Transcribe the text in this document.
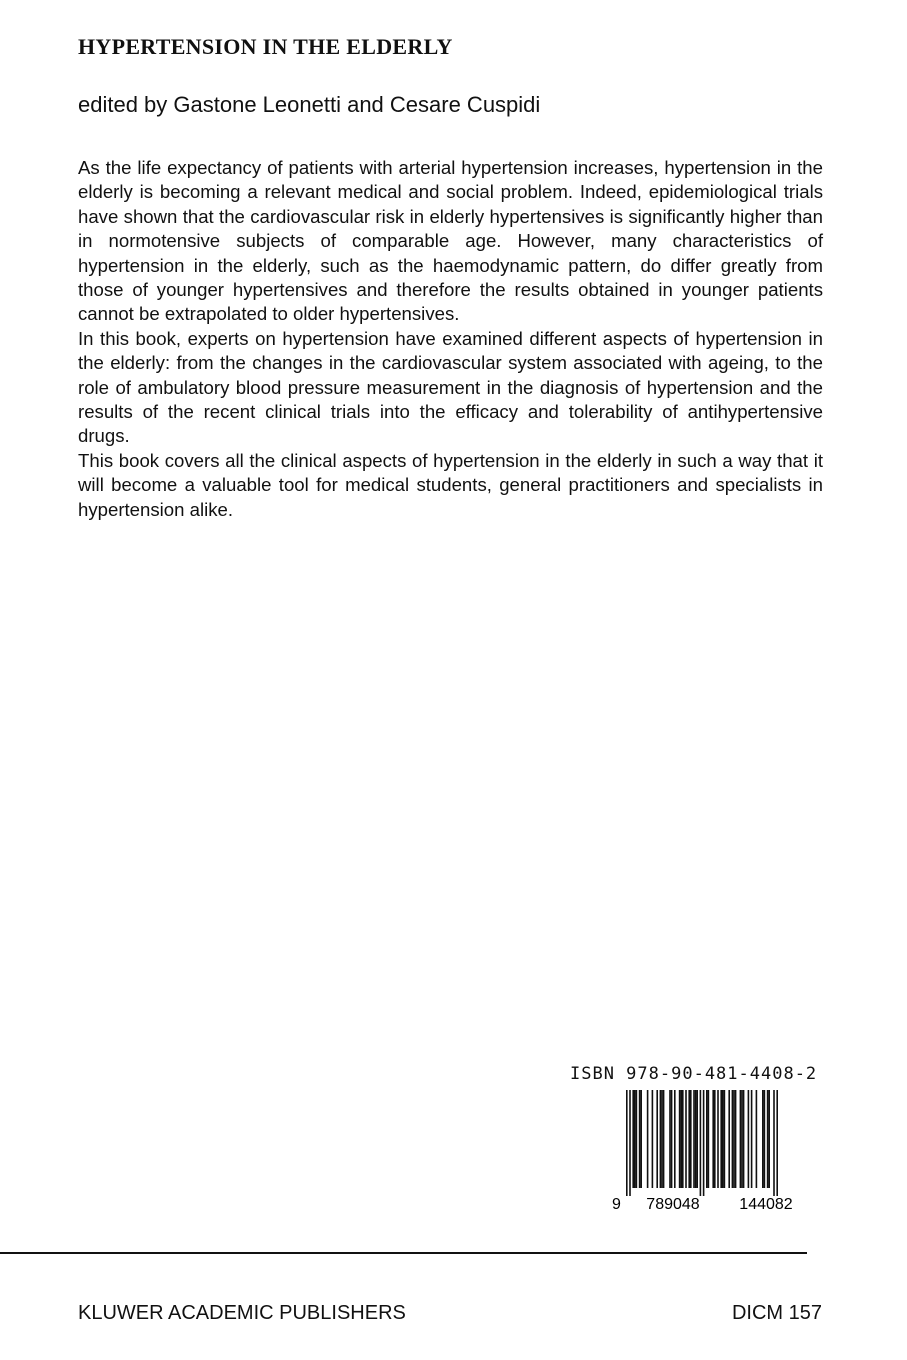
HYPERTENSION IN THE ELDERLY
edited by Gastone Leonetti and Cesare Cuspidi

As the life expectancy of patients with arterial hypertension increases, hypertension in the elderly is becoming a relevant medical and social problem. Indeed, epidemiological trials have shown that the cardiovascular risk in elderly hypertensives is significantly higher than in normotensive subjects of comparable age. However, many characteristics of hypertension in the elderly, such as the haemodynamic pattern, do differ greatly from those of younger hypertensives and therefore the results obtained in younger patients cannot be extrapolated to older hypertensives.

In this book, experts on hypertension have examined different aspects of hypertension in the elderly: from the changes in the cardiovascular system associated with ageing, to the role of ambulatory blood pressure measurement in the diagnosis of hypertension and the results of the recent clinical trials into the efficacy and tolerability of antihypertensive drugs.

This book covers all the clinical aspects of hypertension in the elderly in such a way that it will become a valuable tool for medical students, general practitioners and specialists in hypertension alike.

ISBN 978-90-481-4408-2
9 789048 144082
KLUWER ACADEMIC PUBLISHERS	DICM 157
